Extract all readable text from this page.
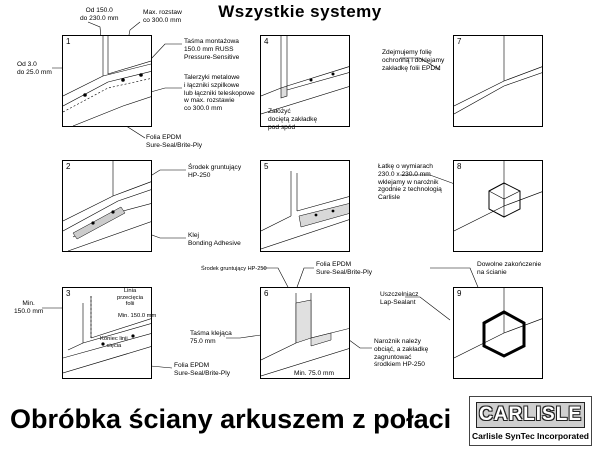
Wszystkie systemy
1
2
3
4
5
6
7
8
9
Od 150.0
do 230.0 mm
Max. rozstaw
co 300.0 mm
Od 3.0
do 25.0 mm
Taśma montażowa
150.0 mm RUSS
Pressure-Sensitive
Talerzyki metalowe
i łączniki szpilkowe
lub łączniki teleskopowe
w max. rozstawie
co 300.0 mm
Folia EPDM
Sure-Seal/Brite-Ply
Założyć
dociętą zakładkę
pod spód
Zdejmujemy folię
ochronną i doklejamy
zakładkę folii EPDM
Środek gruntujący
HP-250
Klej
Bonding Adhesive
Łatkę o wymiarach
230.0 x 230.0 mm
wklejamy w narożnik
zgodnie z technologią
Carlisle
Środek gruntujący HP-250
Folia EPDM
Sure-Seal/Brite-Ply
Dowolne zakończenie
na ścianie
Uszczelniacz
Lap-Sealant
Min.
150.0 mm
Linia
przecięcia
folii
Min. 150.0 mm
Koniec linii
cięcia
Folia EPDM
Sure-Seal/Brite-Ply
Taśma klejąca
75.0 mm
Min. 75.0 mm
Narożnik należy
obciąć, a zakładkę
zagruntować
środkiem HP-250
Obróbka ściany arkuszem z połaci CARLISLE
Carlisle SynTec Incorporated
